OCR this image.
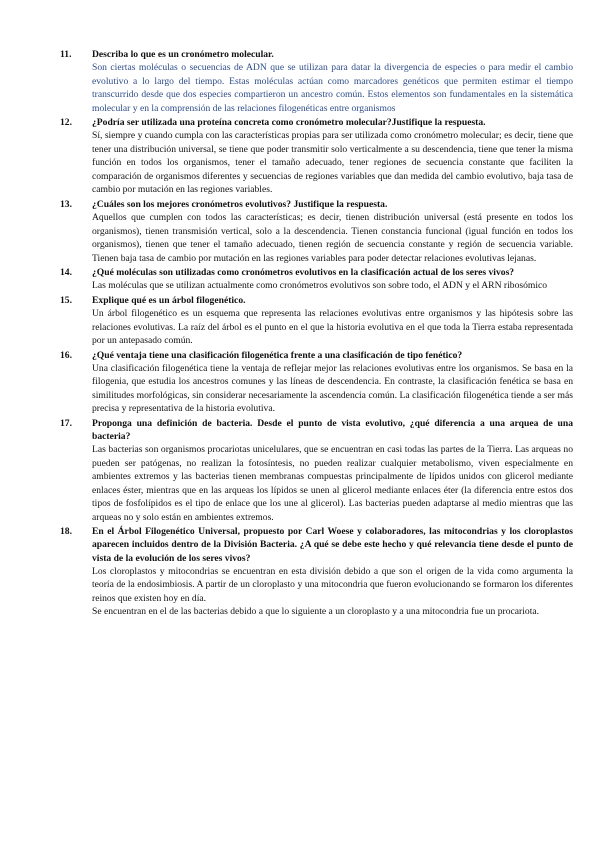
11.	Describa lo que es un cronómetro molecular.

Son ciertas moléculas o secuencias de ADN que se utilizan para datar la divergencia de especies o para medir el cambio evolutivo a lo largo del tiempo. Estas moléculas actúan como marcadores genéticos que permiten estimar el tiempo transcurrido desde que dos especies compartieron un ancestro común. Estos elementos son fundamentales en la sistemática molecular y en la comprensión de las relaciones filogenéticas entre organismos

12.	¿Podría ser utilizada una proteína concreta como cronómetro molecular?Justifique la respuesta.

Sí, siempre y cuando cumpla con las características propias para ser utilizada como cronómetro molecular; es decir, tiene que tener una distribución universal, se tiene que poder transmitir solo verticalmente a su descendencia, tiene que tener la misma función en todos los organismos, tener el tamaño adecuado, tener regiones de secuencia constante que faciliten la comparación de organismos diferentes y secuencias de regiones variables que dan medida del cambio evolutivo, baja tasa de cambio por mutación en las regiones variables.

13.	¿Cuáles son los mejores cronómetros evolutivos? Justifique la respuesta.

Aquellos que cumplen con todos las características; es decir, tienen distribución universal (está presente en todos los organismos), tienen transmisión vertical, solo a la descendencia. Tienen constancia funcional (igual función en todos los organismos), tienen que tener el tamaño adecuado, tienen región de secuencia constante y región de secuencia variable. Tienen baja tasa de cambio por mutación en las regiones variables para poder detectar relaciones evolutivas lejanas.

14.	¿Qué moléculas son utilizadas como cronómetros evolutivos en la clasificación actual de los seres vivos?

Las moléculas que se utilizan actualmente como cronómetros evolutivos son sobre todo, el ADN y el ARN ribosómico

15.	Explique qué es un árbol filogenético.

Un árbol filogenético es un esquema que representa las relaciones evolutivas entre organismos y las hipótesis sobre las relaciones evolutivas. La raíz del árbol es el punto en el que la historia evolutiva en el que toda la Tierra estaba representada por un antepasado común.

16.	¿Qué ventaja tiene una clasificación filogenética frente a una clasificación de tipo fenético?

Una clasificación filogenética tiene la ventaja de reflejar mejor las relaciones evolutivas entre los organismos. Se basa en la filogenia, que estudia los ancestros comunes y las líneas de descendencia. En contraste, la clasificación fenética se basa en similitudes morfológicas, sin considerar necesariamente la ascendencia común. La clasificación filogenética tiende a ser más precisa y representativa de la historia evolutiva.

17.	Proponga una definición de bacteria. Desde el punto de vista evolutivo, ¿qué diferencia a una arquea de una bacteria?

Las bacterias son organismos procariotas unicelulares, que se encuentran en casi todas las partes de la Tierra. Las arqueas no pueden ser patógenas, no realizan la fotosíntesis, no pueden realizar cualquier metabolismo, viven especialmente en ambientes extremos y las bacterias tienen membranas compuestas principalmente de lípidos unidos con glicerol mediante enlaces éster, mientras que en las arqueas los lípidos se unen al glicerol mediante enlaces éter (la diferencia entre estos dos tipos de fosfolípidos es el tipo de enlace que los une al glicerol). Las bacterias pueden adaptarse al medio mientras que las arqueas no y solo están en ambientes extremos.

18.	En el Árbol Filogenético Universal, propuesto por Carl Woese y colaboradores, las mitocondrias y los cloroplastos aparecen incluidos dentro de la División Bacteria. ¿A qué se debe este hecho y qué relevancia tiene desde el punto de vista de la evolución de los seres vivos?

Los cloroplastos y mitocondrias se encuentran en esta división debido a que son el origen de la vida como argumenta la teoría de la endosimbiosis. A partir de un cloroplasto y una mitocondria que fueron evolucionando se formaron los diferentes reinos que existen hoy en día.

Se encuentran en el de las bacterias debido a que lo siguiente a un cloroplasto y a una mitocondria fue un procariota.
